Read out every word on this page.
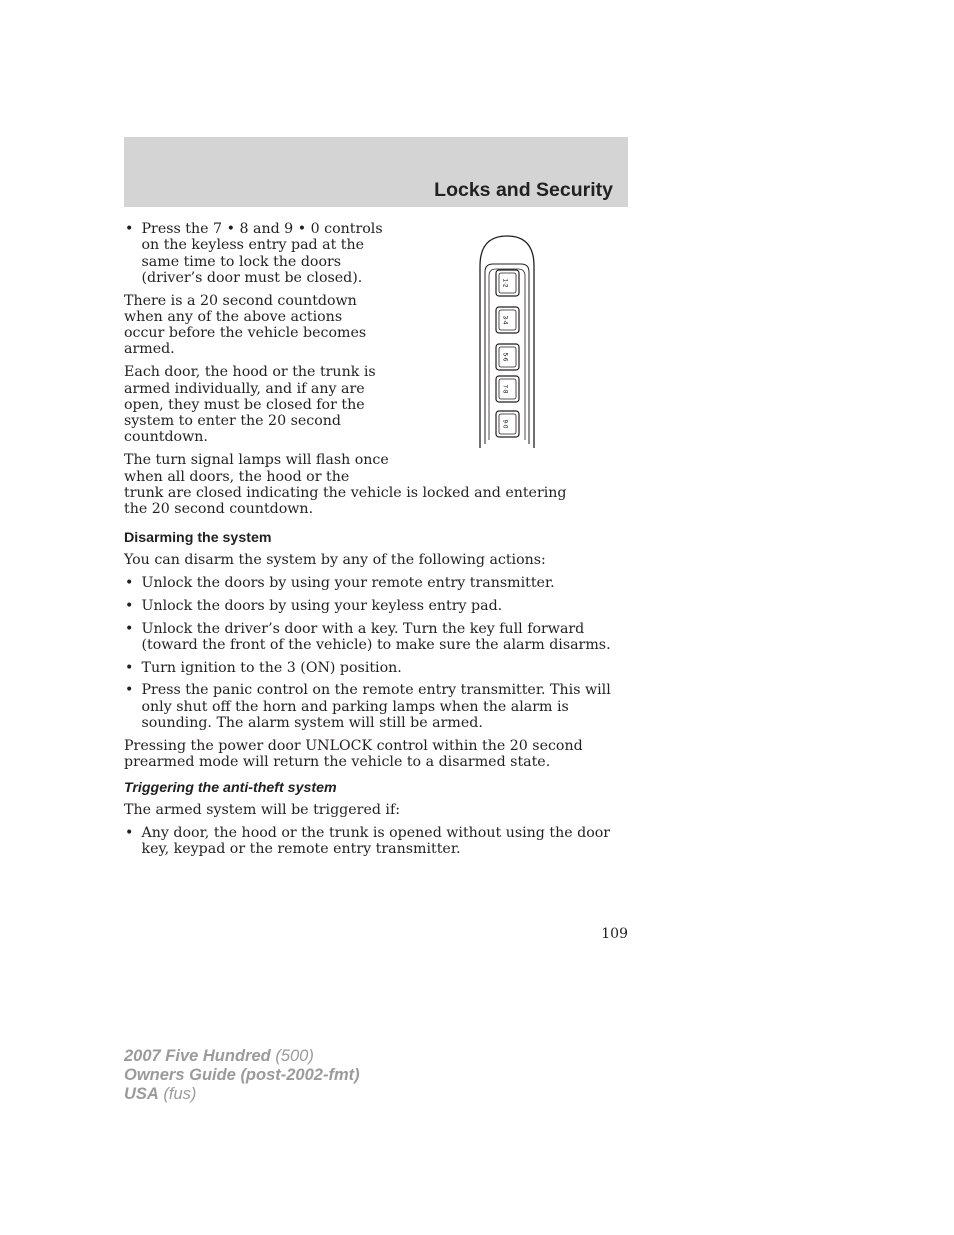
Locks and Security
• Press the 7 • 8 and 9 • 0 controls on the keyless entry pad at the same time to lock the doors (driver’s door must be closed).

There is a 20 second countdown when any of the above actions occur before the vehicle becomes armed.

Each door, the hood or the trunk is armed individually, and if any are open, they must be closed for the system to enter the 20 second countdown.

The turn signal lamps will flash once
when all doors, the hood or the
trunk are closed indicating the vehicle is locked and entering the 20 second countdown.

Disarming the system

You can disarm the system by any of the following actions:

• Unlock the doors by using your remote entry transmitter.
• Unlock the doors by using your keyless entry pad.
• Unlock the driver’s door with a key. Turn the key full forward (toward the front of the vehicle) to make sure the alarm disarms.
• Turn ignition to the 3 (ON) position.
• Press the panic control on the remote entry transmitter. This will only shut off the horn and parking lamps when the alarm is sounding. The alarm system will still be armed.

Pressing the power door UNLOCK control within the 20 second prearmed mode will return the vehicle to a disarmed state.

Triggering the anti-theft system

The armed system will be triggered if:

• Any door, the hood or the trunk is opened without using the door key, keypad or the remote entry transmitter.
1·2
3·4
5·6
7·8
9·0
109
2007 Five Hundred (500)
Owners Guide (post-2002-fmt)
USA (fus)
